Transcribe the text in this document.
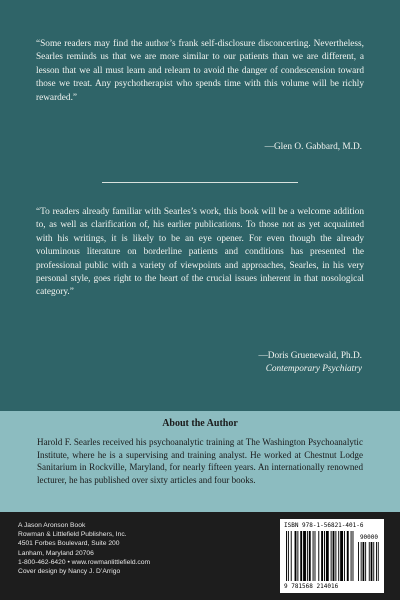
“Some readers may find the author’s frank self-disclosure disconcerting. Nevertheless, Searles reminds us that we are more similar to our patients than we are different, a lesson that we all must learn and relearn to avoid the danger of condescension toward those we treat. Any psychotherapist who spends time with this volume will be richly rewarded.”
—Glen O. Gabbard, M.D.
“To readers already familiar with Searles’s work, this book will be a welcome addition to, as well as clarification of, his earlier publications. To those not as yet acquainted with his writings, it is likely to be an eye opener. For even though the already voluminous literature on borderline patients and conditions has presented the professional public with a variety of viewpoints and approaches, Searles, in his very personal style, goes right to the heart of the crucial issues inherent in that nosological category.”
—Doris Gruenewald, Ph.D.
Contemporary Psychiatry
About the Author
Harold F. Searles received his psychoanalytic training at The Washington Psychoanalytic Institute, where he is a supervising and training analyst. He worked at Chestnut Lodge Sanitarium in Rockville, Maryland, for nearly fifteen years. An internationally renowned lecturer, he has published over sixty articles and four books.
A Jason Aronson Book
Rowman & Littlefield Publishers, Inc.
4501 Forbes Boulevard, Suite 200
Lanham, Maryland 20706
1-800-462-6420 • www.rowmanlittlefield.com
Cover design by Nancy J. D’Arrigo
ISBN 978-1-56821-401-6
90000
9 781568 214016
